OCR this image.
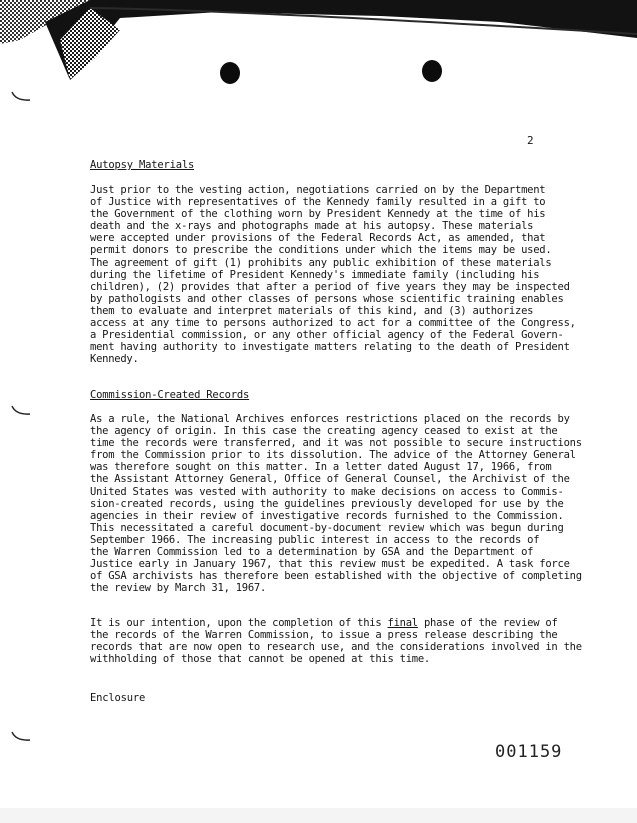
2
Autopsy Materials
Just prior to the vesting action, negotiations carried on by the Department
of Justice with representatives of the Kennedy family resulted in a gift to
the Government of the clothing worn by President Kennedy at the time of his
death and the x-rays and photographs made at his autopsy. These materials
were accepted under provisions of the Federal Records Act, as amended, that
permit donors to prescribe the conditions under which the items may be used.
The agreement of gift (1) prohibits any public exhibition of these materials
during the lifetime of President Kennedy's immediate family (including his
children), (2) provides that after a period of five years they may be inspected
by pathologists and other classes of persons whose scientific training enables
them to evaluate and interpret materials of this kind, and (3) authorizes
access at any time to persons authorized to act for a committee of the Congress,
a Presidential commission, or any other official agency of the Federal Govern-
ment having authority to investigate matters relating to the death of President
Kennedy.
Commission-Created Records
As a rule, the National Archives enforces restrictions placed on the records by
the agency of origin. In this case the creating agency ceased to exist at the
time the records were transferred, and it was not possible to secure instructions
from the Commission prior to its dissolution. The advice of the Attorney General
was therefore sought on this matter. In a letter dated August 17, 1966, from
the Assistant Attorney General, Office of General Counsel, the Archivist of the
United States was vested with authority to make decisions on access to Commis-
sion-created records, using the guidelines previously developed for use by the
agencies in their review of investigative records furnished to the Commission.
This necessitated a careful document-by-document review which was begun during
September 1966. The increasing public interest in access to the records of
the Warren Commission led to a determination by GSA and the Department of
Justice early in January 1967, that this review must be expedited. A task force
of GSA archivists has therefore been established with the objective of completing
the review by March 31, 1967.
It is our intention, upon the completion of this final phase of the review of
the records of the Warren Commission, to issue a press release describing the
records that are now open to research use, and the considerations involved in the
withholding of those that cannot be opened at this time.
Enclosure
001159
